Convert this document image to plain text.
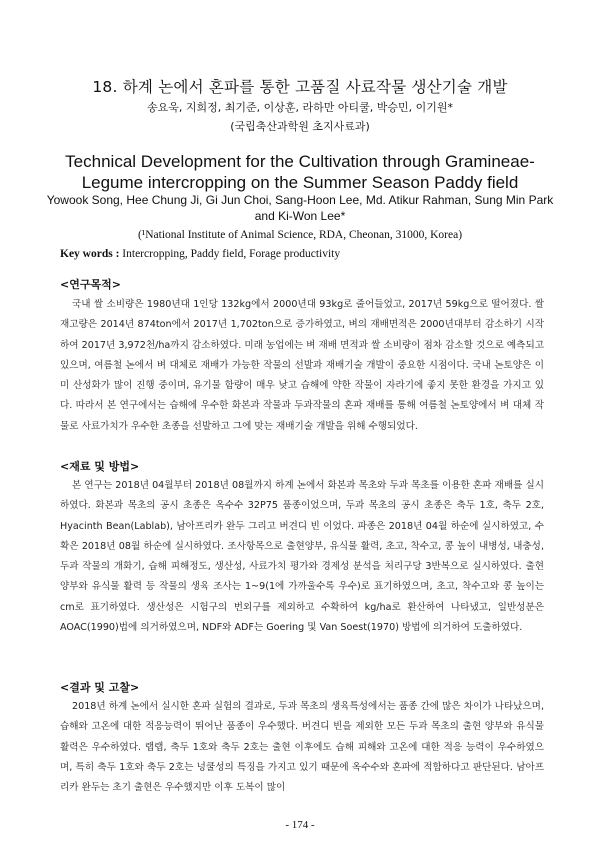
18. 하계 논에서 혼파를 통한 고품질 사료작물 생산기술 개발
송요욱, 지희정, 최기준, 이상훈, 라하만 아티쿨, 박승민, 이기원*
(국립축산과학원 초지사료과)
Technical Development for the Cultivation through Gramineae-Legume intercropping on the Summer Season Paddy field
Yowook Song, Hee Chung Ji, Gi Jun Choi, Sang-Hoon Lee, Md. Atikur Rahman, Sung Min Park and Ki-Won Lee*
(¹National Institute of Animal Science, RDA, Cheonan, 31000, Korea)
Key words : Intercropping, Paddy field, Forage productivity
<연구목적>
국내 쌀 소비량은 1980년대 1인당 132kg에서 2000년대 93kg로 줄어들었고, 2017년 59kg으로 떨어졌다. 쌀 재고량은 2014년 874ton에서 2017년 1,702ton으로 증가하였고, 벼의 재배면적은 2000년대부터 감소하기 시작하여 2017년 3,972천/ha까지 감소하였다. 미래 농업에는 벼 재배 면적과 쌀 소비량이 점차 감소할 것으로 예측되고 있으며, 여름철 논에서 벼 대체로 재배가 가능한 작물의 선발과 재배기술 개발이 중요한 시점이다. 국내 논토양은 이미 산성화가 많이 진행 중이며, 유기물 함량이 매우 낮고 습해에 약한 작물이 자라기에 좋지 못한 환경을 가지고 있다. 따라서 본 연구에서는 습해에 우수한 화본과 작물과 두과작물의 혼파 재배를 통해 여름철 논토양에서 벼 대체 작물로 사료가치가 우수한 초종을 선발하고 그에 맞는 재배기술 개발을 위해 수행되었다.
<재료 및 방법>
본 연구는 2018년 04월부터 2018년 08월까지 하계 논에서 화본과 목초와 두과 목초를 이용한 혼파 재배를 실시하였다. 화본과 목초의 공시 초종은 옥수수 32P75 품종이었으며, 두과 목초의 공시 초종은 축두 1호, 축두 2호, Hyacinth Bean(Lablab), 남아프리카 완두 그리고 버견디 빈 이었다. 파종은 2018년 04월 하순에 실시하였고, 수확은 2018년 08월 하순에 실시하였다. 조사항목으로 출현양부, 유식물 활력, 초고, 착수고, 콩 높이 내병성, 내충성, 두과 작물의 개화기, 습해 피해정도, 생산성, 사료가치 평가와 경제성 분석을 처리구당 3반복으로 실시하였다. 출현양부와 유식물 활력 등 작물의 생육 조사는 1~9(1에 가까울수록 우수)로 표기하였으며, 초고, 착수고와 콩 높이는 cm로 표기하였다. 생산성은 시험구의 번외구를 제외하고 수확하여 kg/ha로 환산하여 나타냈고, 일반성분은 AOAC(1990)법에 의거하였으며, NDF와 ADF는 Goering 및 Van Soest(1970) 방법에 의거하여 도출하였다.
<결과 및 고찰>
2018년 하계 논에서 실시한 혼파 실험의 결과로, 두과 목초의 생육특성에서는 품종 간에 많은 차이가 나타났으며, 습해와 고온에 대한 적응능력이 뛰어난 품종이 우수했다. 버견디 빈을 제외한 모든 두과 목초의 출현 양부와 유식물 활력은 우수하였다. 랩랩, 축두 1호와 축두 2호는 출현 이후에도 습해 피해와 고온에 대한 적응 능력이 우수하였으며, 특히 축두 1호와 축두 2호는 넝쿨성의 특징을 가지고 있기 때문에 옥수수와 혼파에 적합하다고 판단된다. 남아프리카 완두는 초기 출현은 우수했지만 이후 도복이 많이
- 174 -
